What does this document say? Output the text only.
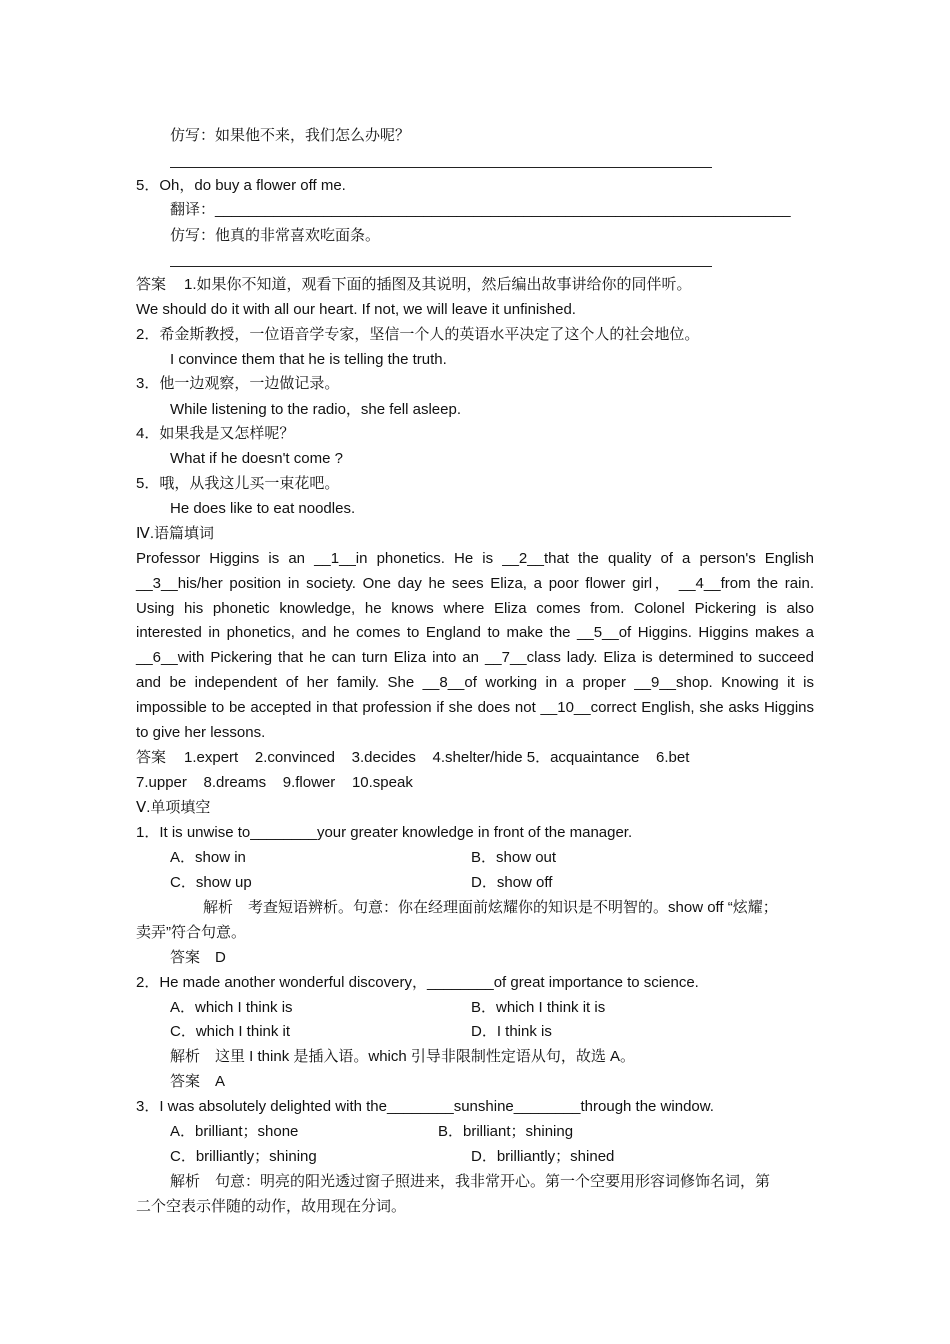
仿写：如果他不来，我们怎么办呢？
5．Oh，do buy a flower off me.
翻译：_____________________________________________________________________
仿写：他真的非常喜欢吃面条。
答案 1.如果你不知道，观看下面的插图及其说明，然后编出故事讲给你的同伴听。
We should do it with all our heart. If not, we will leave it unfinished.
2．希金斯教授，一位语音学专家，坚信一个人的英语水平决定了这个人的社会地位。
I convince them that he is telling the truth.
3．他一边观察，一边做记录。
While listening to the radio，she fell asleep.
4．如果我是又怎样呢？
What if he doesn't come ?
5．哦，从我这儿买一束花吧。
He does like to eat noodles.
Ⅳ.语篇填词
Professor Higgins is an __1__in phonetics. He is __2__that the quality of a person's English
__3__his/her position in society. One day he sees Eliza, a poor flower girl， __4__from the rain.
Using his phonetic knowledge, he knows where Eliza comes from. Colonel Pickering is also
interested in phonetics, and he comes to England to make the __5__of Higgins. Higgins makes a
__6__with Pickering that he can turn Eliza into an __7__class lady. Eliza is determined to succeed
and be independent of her family. She __8__of working in a proper __9__shop. Knowing it is
impossible to be accepted in that profession if she does not __10__correct English, she asks Higgins
to give her lessons.
答案 1.expert 2.convinced 3.decides 4.shelter/hide 5．acquaintance 6.bet
7.upper 8.dreams 9.flower 10.speak
Ⅴ.单项填空
1．It is unwise to________your greater knowledge in front of the manager.
A．show in	B．show out
C．show up	D．show off
解析　考查短语辨析。句意：你在经理面前炫耀你的知识是不明智的。show off “炫耀；
卖弄”符合句意。
答案　D
2．He made another wonderful discovery，________of great importance to science.
A．which I think is	B．which I think it is
C．which I think it	D．I think is
解析　这里 I think 是插入语。which 引导非限制性定语从句，故选 A。
答案　A
3．I was absolutely delighted with the________sunshine________through the window.
A．brilliant；shone	B．brilliant；shining
C．brilliantly；shining	D．brilliantly；shined
解析　句意：明亮的阳光透过窗子照进来，我非常开心。第一个空要用形容词修饰名词，第
二个空表示伴随的动作，故用现在分词。
